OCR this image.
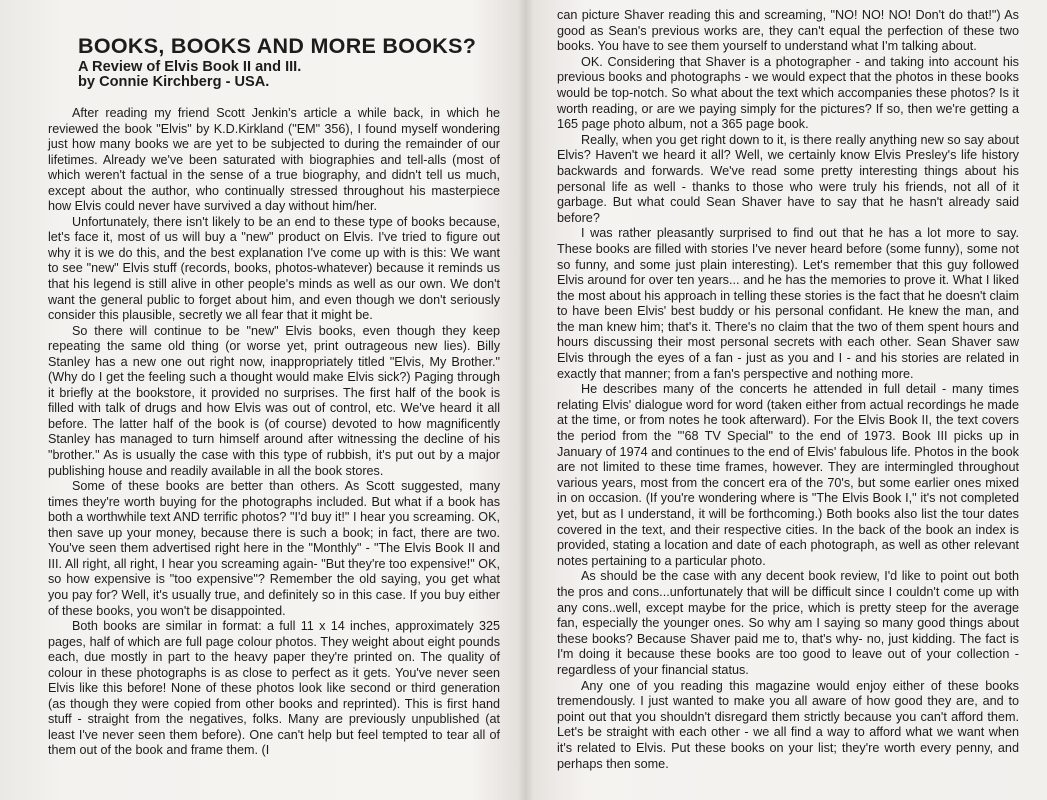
BOOKS, BOOKS AND MORE BOOKS?
A Review of Elvis Book II and III.
by Connie Kirchberg - USA.

After reading my friend Scott Jenkin's article a while back, in which he reviewed the book "Elvis" by K.D.Kirkland ("EM" 356), I found myself wondering just how many books we are yet to be subjected to during the remainder of our lifetimes. Already we've been saturated with biographies and tell-alls (most of which weren't factual in the sense of a true biography, and didn't tell us much, except about the author, who continually stressed throughout his masterpiece how Elvis could never have survived a day without him/her.

Unfortunately, there isn't likely to be an end to these type of books because, let's face it, most of us will buy a "new" product on Elvis. I've tried to figure out why it is we do this, and the best explanation I've come up with is this: We want to see "new" Elvis stuff (records, books, photos-whatever) because it reminds us that his legend is still alive in other people's minds as well as our own. We don't want the general public to forget about him, and even though we don't seriously consider this plausible, secretly we all fear that it might be.

So there will continue to be "new" Elvis books, even though they keep repeating the same old thing (or worse yet, print outrageous new lies). Billy Stanley has a new one out right now, inappropriately titled "Elvis, My Brother." (Why do I get the feeling such a thought would make Elvis sick?) Paging through it briefly at the bookstore, it provided no surprises. The first half of the book is filled with talk of drugs and how Elvis was out of control, etc. We've heard it all before. The latter half of the book is (of course) devoted to how magnificently Stanley has managed to turn himself around after witnessing the decline of his "brother." As is usually the case with this type of rubbish, it's put out by a major publishing house and readily available in all the book stores.

Some of these books are better than others. As Scott suggested, many times they're worth buying for the photographs included. But what if a book has both a worthwhile text AND terrific photos? "I'd buy it!" I hear you screaming. OK, then save up your money, because there is such a book; in fact, there are two. You've seen them advertised right here in the "Monthly" - "The Elvis Book II and III. All right, all right, I hear you screaming again- "But they're too expensive!" OK, so how expensive is "too expensive"? Remember the old saying, you get what you pay for? Well, it's usually true, and definitely so in this case. If you buy either of these books, you won't be disappointed.

Both books are similar in format: a full 11 x 14 inches, approximately 325 pages, half of which are full page colour photos. They weight about eight pounds each, due mostly in part to the heavy paper they're printed on. The quality of colour in these photographs is as close to perfect as it gets. You've never seen Elvis like this before! None of these photos look like second or third generation (as though they were copied from other books and reprinted). This is first hand stuff - straight from the negatives, folks. Many are previously unpublished (at least I've never seen them before). One can't help but feel tempted to tear all of them out of the book and frame them. (I

can picture Shaver reading this and screaming, "NO! NO! NO! Don't do that!") As good as Sean's previous works are, they can't equal the perfection of these two books. You have to see them yourself to understand what I'm talking about.

OK. Considering that Shaver is a photographer - and taking into account his previous books and photographs - we would expect that the photos in these books would be top-notch. So what about the text which accompanies these photos? Is it worth reading, or are we paying simply for the pictures? If so, then we're getting a 165 page photo album, not a 365 page book.

Really, when you get right down to it, is there really anything new so say about Elvis? Haven't we heard it all? Well, we certainly know Elvis Presley's life history backwards and forwards. We've read some pretty interesting things about his personal life as well - thanks to those who were truly his friends, not all of it garbage. But what could Sean Shaver have to say that he hasn't already said before?

I was rather pleasantly surprised to find out that he has a lot more to say. These books are filled with stories I've never heard before (some funny), some not so funny, and some just plain interesting). Let's remember that this guy followed Elvis around for over ten years... and he has the memories to prove it. What I liked the most about his approach in telling these stories is the fact that he doesn't claim to have been Elvis' best buddy or his personal confidant. He knew the man, and the man knew him; that's it. There's no claim that the two of them spent hours and hours discussing their most personal secrets with each other. Sean Shaver saw Elvis through the eyes of a fan - just as you and I - and his stories are related in exactly that manner; from a fan's perspective and nothing more.

He describes many of the concerts he attended in full detail - many times relating Elvis' dialogue word for word (taken either from actual recordings he made at the time, or from notes he took afterward). For the Elvis Book II, the text covers the period from the "'68 TV Special" to the end of 1973. Book III picks up in January of 1974 and continues to the end of Elvis' fabulous life. Photos in the book are not limited to these time frames, however. They are intermingled throughout various years, most from the concert era of the 70's, but some earlier ones mixed in on occasion. (If you're wondering where is "The Elvis Book I," it's not completed yet, but as I understand, it will be forthcoming.) Both books also list the tour dates covered in the text, and their respective cities. In the back of the book an index is provided, stating a location and date of each photograph, as well as other relevant notes pertaining to a particular photo.

As should be the case with any decent book review, I'd like to point out both the pros and cons...unfortunately that will be difficult since I couldn't come up with any cons..well, except maybe for the price, which is pretty steep for the average fan, especially the younger ones. So why am I saying so many good things about these books? Because Shaver paid me to, that's why- no, just kidding. The fact is I'm doing it because these books are too good to leave out of your collection - regardless of your financial status.

Any one of you reading this magazine would enjoy either of these books tremendously. I just wanted to make you all aware of how good they are, and to point out that you shouldn't disregard them strictly because you can't afford them. Let's be straight with each other - we all find a way to afford what we want when it's related to Elvis. Put these books on your list; they're worth every penny, and perhaps then some.
